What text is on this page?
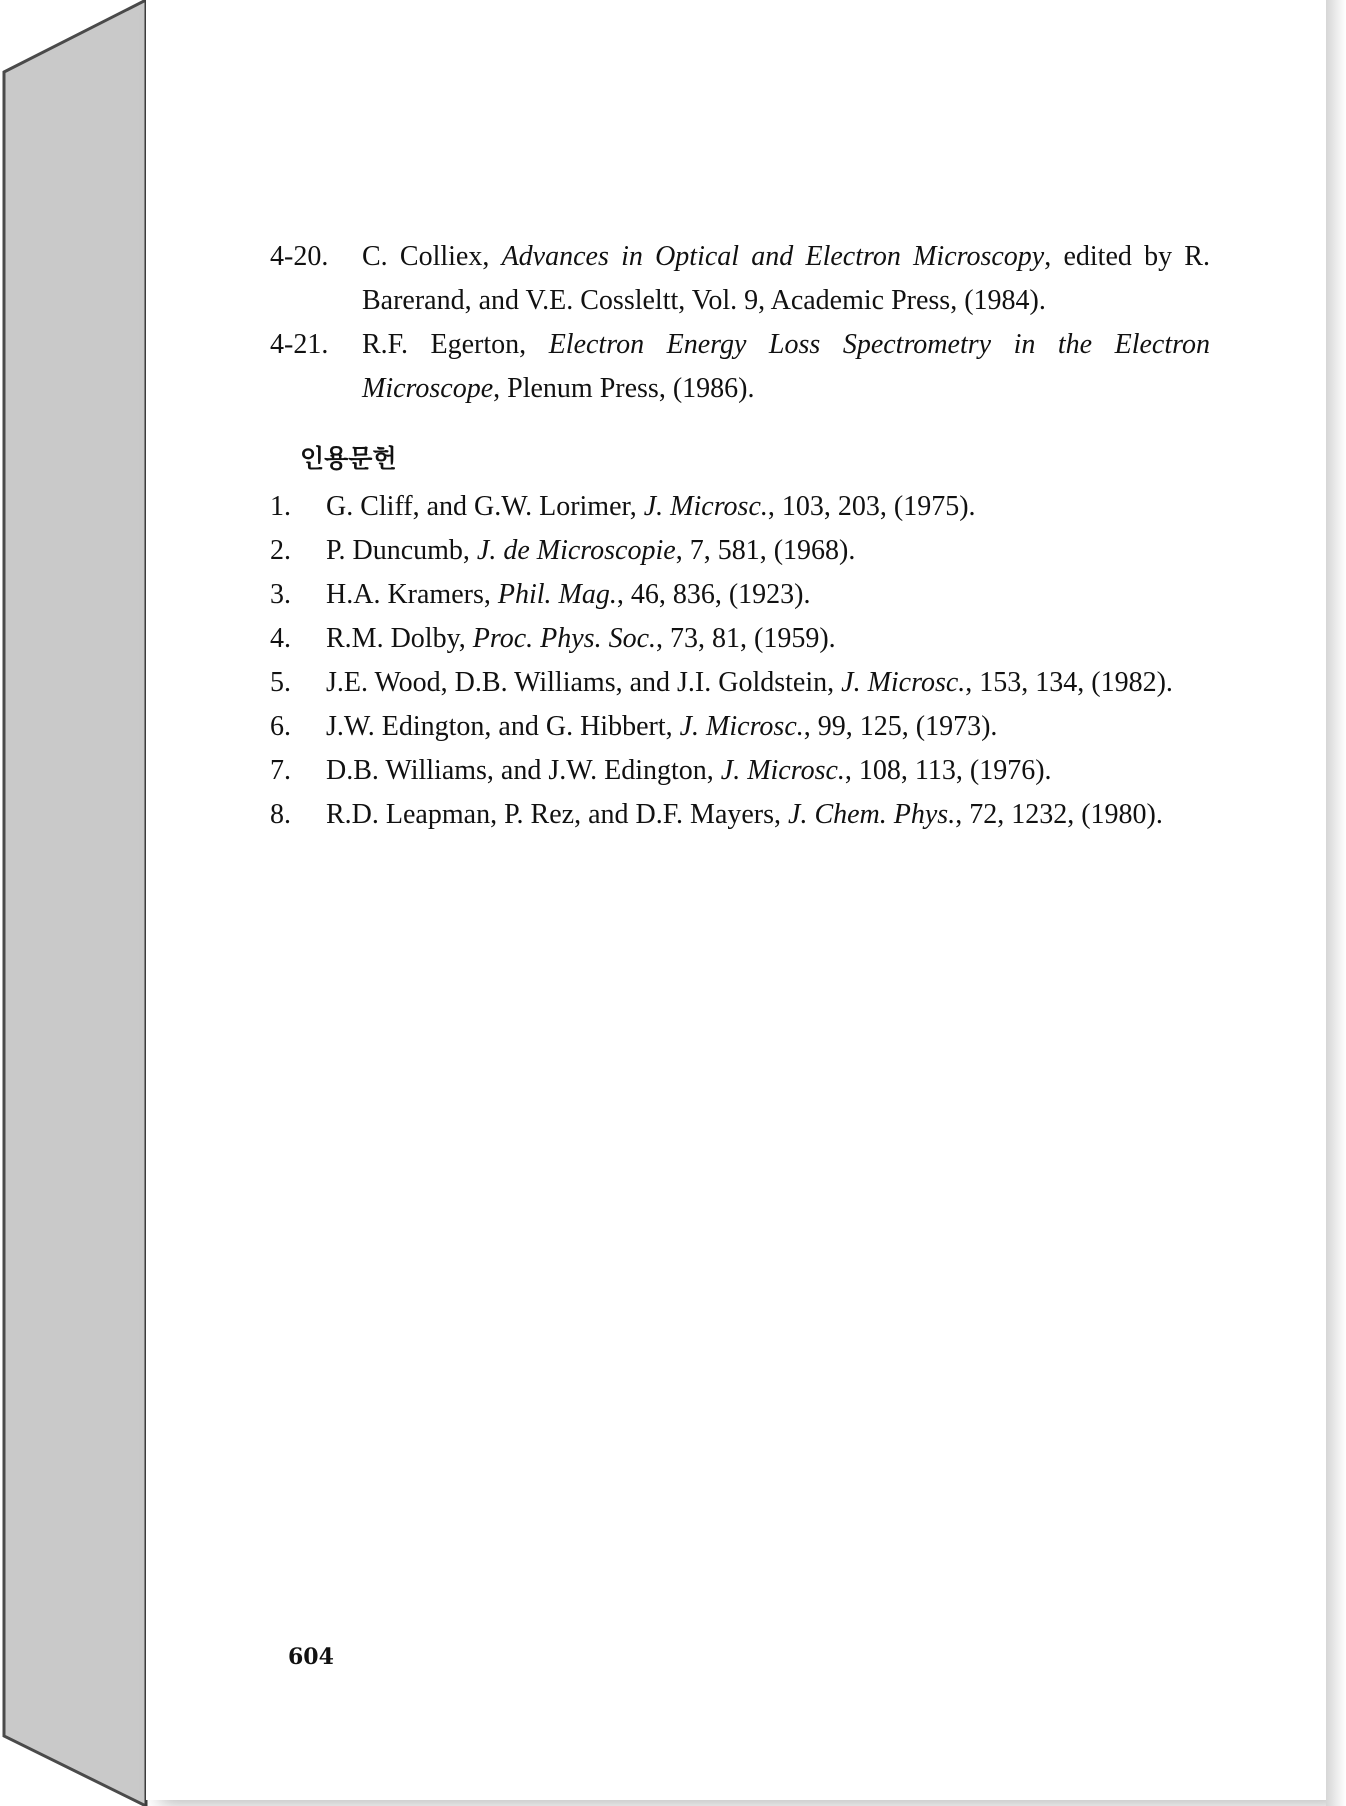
4-20. C. Colliex, Advances in Optical and Electron Microscopy, edited by R. Barerand, and V.E. Cossleltt, Vol. 9, Academic Press, (1984).
4-21. R.F. Egerton, Electron Energy Loss Spectrometry in the Electron Microscope, Plenum Press, (1986).
인용문헌
1. G. Cliff, and G.W. Lorimer, J. Microsc., 103, 203, (1975).
2. P. Duncumb, J. de Microscopie, 7, 581, (1968).
3. H.A. Kramers, Phil. Mag., 46, 836, (1923).
4. R.M. Dolby, Proc. Phys. Soc., 73, 81, (1959).
5. J.E. Wood, D.B. Williams, and J.I. Goldstein, J. Microsc., 153, 134, (1982).
6. J.W. Edington, and G. Hibbert, J. Microsc., 99, 125, (1973).
7. D.B. Williams, and J.W. Edington, J. Microsc., 108, 113, (1976).
8. R.D. Leapman, P. Rez, and D.F. Mayers, J. Chem. Phys., 72, 1232, (1980).
604
